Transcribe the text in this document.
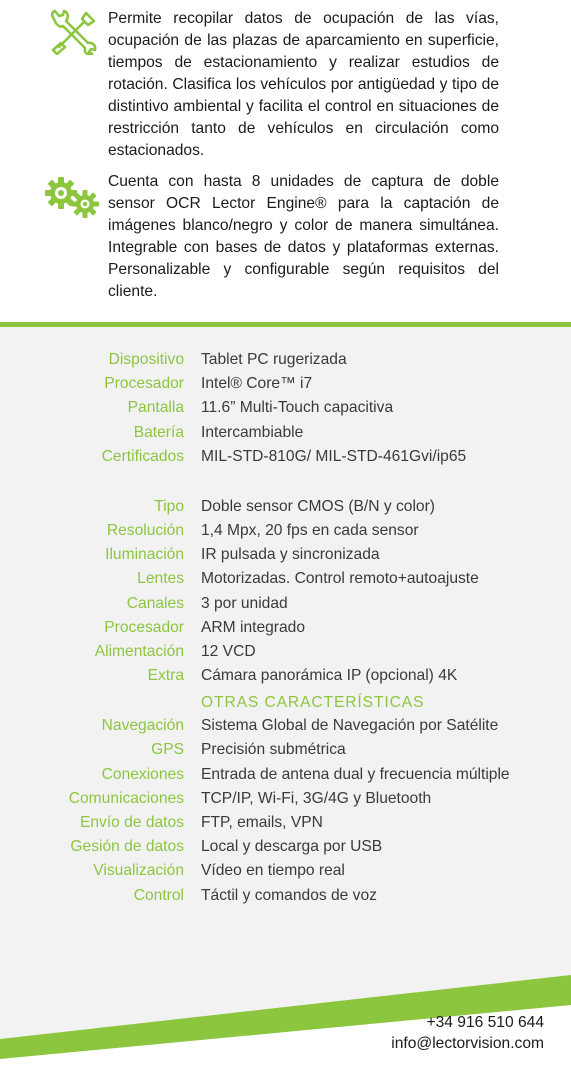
Permite recopilar datos de ocupación de las vías, ocupación de las plazas de aparcamiento en superficie, tiempos de estacionamiento y realizar estudios de rotación. Clasifica los vehículos por antigüedad y tipo de distintivo ambiental y facilita el control en situaciones de restricción tanto de vehículos en circulación como estacionados.
Cuenta con hasta 8 unidades de captura de doble sensor OCR Lector Engine® para la captación de imágenes blanco/negro y color de manera simultánea. Integrable con bases de datos y plataformas externas. Personalizable y configurable según requisitos del cliente.
Dispositivo Tablet PC rugerizada
Procesador Intel® Core™ i7
Pantalla 11.6” Multi-Touch capacitiva
Batería Intercambiable
Certificados MIL-STD-810G/ MIL-STD-461Gvi/ip65
Tipo Doble sensor CMOS (B/N y color)
Resolución 1,4 Mpx, 20 fps en cada sensor
Iluminación IR pulsada y sincronizada
Lentes Motorizadas. Control remoto+autoajuste
Canales 3 por unidad
Procesador ARM integrado
Alimentación 12 VCD
Extra Cámara panorámica IP (opcional) 4K
OTRAS CARACTERÍSTICAS
Navegación Sistema Global de Navegación por Satélite
GPS Precisión submétrica
Conexiones Entrada de antena dual y frecuencia múltiple
Comunicaciones TCP/IP, Wi-Fi, 3G/4G y Bluetooth
Envío de datos FTP, emails, VPN
Gesión de datos Local y descarga por USB
Visualización Vídeo en tiempo real
Control Táctil y comandos de voz
+34 916 510 644
info@lectorvision.com
